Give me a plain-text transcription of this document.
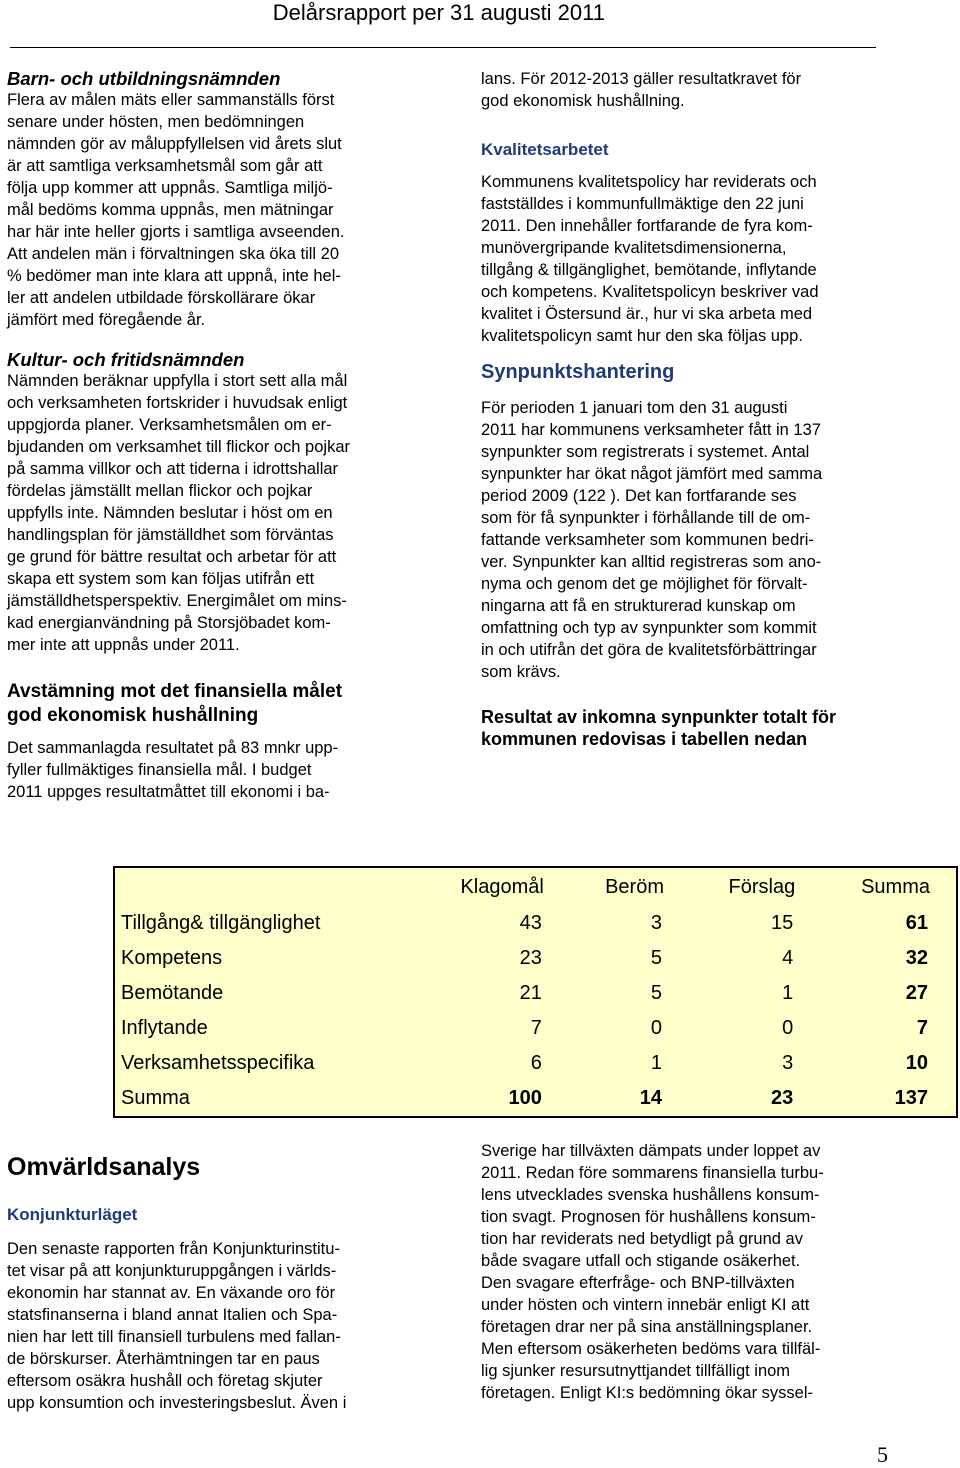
Delårsrapport per 31 augusti 2011
Barn- och utbildningsnämnden
Flera av målen mäts eller sammanställs först
senare under hösten, men bedömningen
nämnden gör av måluppfyllelsen vid årets slut
är att samtliga verksamhetsmål som går att
följa upp kommer att uppnås. Samtliga miljö-
mål bedöms komma uppnås, men mätningar
har här inte heller gjorts i samtliga avseenden.
Att andelen män i förvaltningen ska öka till 20
% bedömer man inte klara att uppnå, inte hel-
ler att andelen utbildade förskollärare ökar
jämfört med föregående år.
Kultur- och fritidsnämnden
Nämnden beräknar uppfylla i stort sett alla mål
och verksamheten fortskrider i huvudsak enligt
uppgjorda planer. Verksamhetsmålen om er-
bjudanden om verksamhet till flickor och pojkar
på samma villkor och att tiderna i idrottshallar
fördelas jämställt mellan flickor och pojkar
uppfylls inte. Nämnden beslutar i höst om en
handlingsplan för jämställdhet som förväntas
ge grund för bättre resultat och arbetar för att
skapa ett system som kan följas utifrån ett
jämställdhetsperspektiv. Energimålet om mins-
kad energianvändning på Storsjöbadet kom-
mer inte att uppnås under 2011.
Avstämning mot det finansiella målet
god ekonomisk hushållning
Det sammanlagda resultatet på 83 mnkr upp-
fyller fullmäktiges finansiella mål. I budget
2011 uppges resultatmåttet till ekonomi i ba-
lans. För 2012-2013 gäller resultatkravet för
god ekonomisk hushållning.
Kvalitetsarbetet
Kommunens kvalitetspolicy har reviderats och
fastställdes i kommunfullmäktige den 22 juni
2011. Den innehåller fortfarande de fyra kom-
munövergripande kvalitetsdimensionerna,
tillgång & tillgänglighet, bemötande, inflytande
och kompetens. Kvalitetspolicyn beskriver vad
kvalitet i Östersund är., hur vi ska arbeta med
kvalitetspolicyn samt hur den ska följas upp.
Synpunktshantering
För perioden 1 januari tom den 31 augusti
2011 har kommunens verksamheter fått in 137
synpunkter som registrerats i systemet. Antal
synpunkter har ökat något jämfört med samma
period 2009 (122 ). Det kan fortfarande ses
som för få synpunkter i förhållande till de om-
fattande verksamheter som kommunen bedri-
ver. Synpunkter kan alltid registreras som ano-
nyma och genom det ge möjlighet för förvalt-
ningarna att få en strukturerad kunskap om
omfattning och typ av synpunkter som kommit
in och utifrån det göra de kvalitetsförbättringar
som krävs.
Resultat av inkomna synpunkter totalt för
kommunen redovisas i tabellen nedan
	Klagomål	Beröm	Förslag	Summa
Tillgång& tillgänglighet	43	3	15	61
Kompetens	23	5	4	32
Bemötande	21	5	1	27
Inflytande	7	0	0	7
Verksamhetsspecifika	6	1	3	10
Summa	100	14	23	137
Omvärldsanalys
Konjunkturläget
Den senaste rapporten från Konjunkturinstitu-
tet visar på att konjunkturuppgången i världs-
ekonomin har stannat av. En växande oro för
statsfinanserna i bland annat Italien och Spa-
nien har lett till finansiell turbulens med fallan-
de börskurser. Återhämtningen tar en paus
eftersom osäkra hushåll och företag skjuter
upp konsumtion och investeringsbeslut. Även i
Sverige har tillväxten dämpats under loppet av
2011. Redan före sommarens finansiella turbu-
lens utvecklades svenska hushållens konsum-
tion svagt. Prognosen för hushållens konsum-
tion har reviderats ned betydligt på grund av
både svagare utfall och stigande osäkerhet.
Den svagare efterfråge- och BNP-tillväxten
under hösten och vintern innebär enligt KI att
företagen drar ner på sina anställningsplaner.
Men eftersom osäkerheten bedöms vara tillfäl-
lig sjunker resursutnyttjandet tillfälligt inom
företagen. Enligt KI:s bedömning ökar syssel-
5
